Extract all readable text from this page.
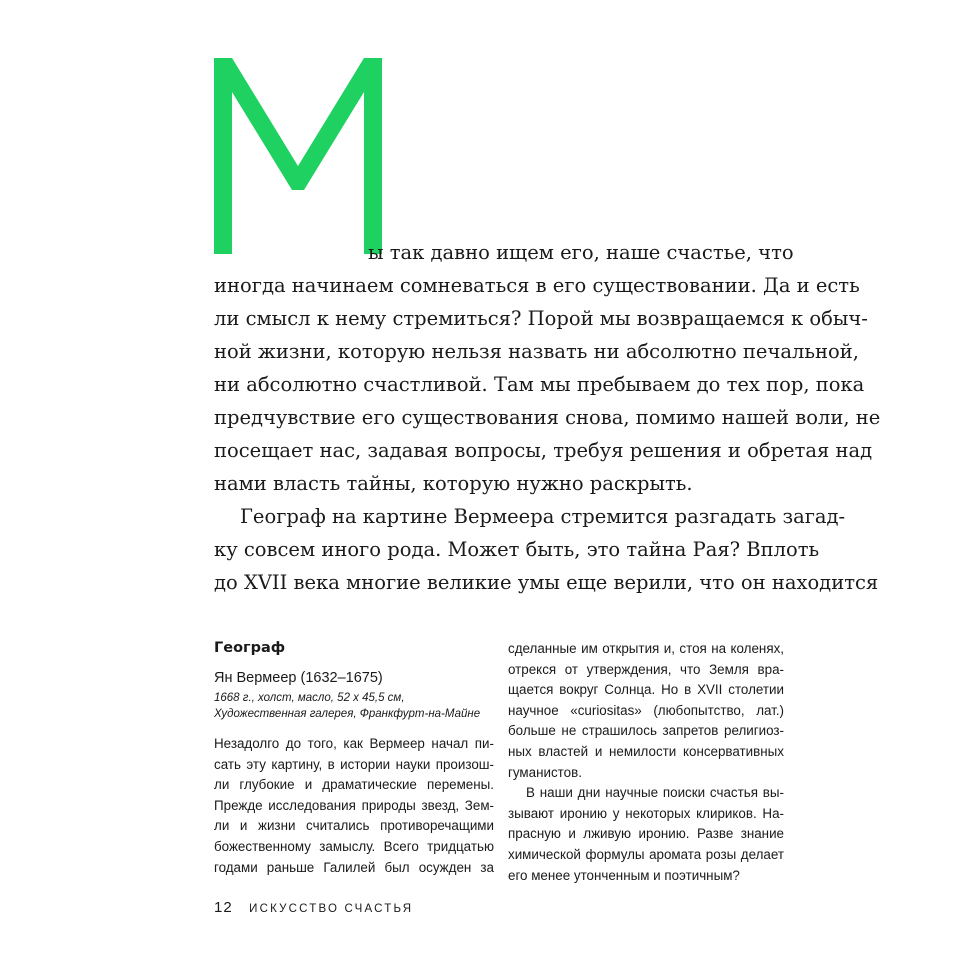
ы так давно ищем его, наше счастье, что
иногда начинаем сомневаться в его существовании. Да и есть
ли смысл к нему стремиться? Порой мы возвращаемся к обыч-
ной жизни, которую нельзя назвать ни абсолютно печальной,
ни абсолютно счастливой. Там мы пребываем до тех пор, пока
предчувствие его существования снова, помимо нашей воли, не
посещает нас, задавая вопросы, требуя решения и обретая над
нами власть тайны, которую нужно раскрыть.
Географ на картине Вермеера стремится разгадать загад-
ку совсем иного рода. Может быть, это тайна Рая? Вплоть
до XVII века многие великие умы еще верили, что он находится
Географ
Ян Вермеер (1632–1675)
1668 г., холст, масло, 52 х 45,5 см,
Художественная галерея, Франкфурт-на-Майне
Незадолго до того, как Вермеер начал пи-
сать эту картину, в истории науки произош-
ли глубокие и драматические перемены.
Прежде исследования природы звезд, Зем-
ли и жизни считались противоречащими
божественному замыслу. Всего тридцатью
годами раньше Галилей был осужден за
сделанные им открытия и, стоя на коленях,
отрекся от утверждения, что Земля вра-
щается вокруг Солнца. Но в XVII столетии
научное «curiositas» (любопытство, лат.)
больше не страшилось запретов религиоз-
ных властей и немилости консервативных
гуманистов.
В наши дни научные поиски счастья вы-
зывают иронию у некоторых клириков. На-
прасную и лживую иронию. Разве знание
химической формулы аромата розы делает
его менее утонченным и поэтичным?
12 ИСКУССТВО СЧАСТЬЯ
